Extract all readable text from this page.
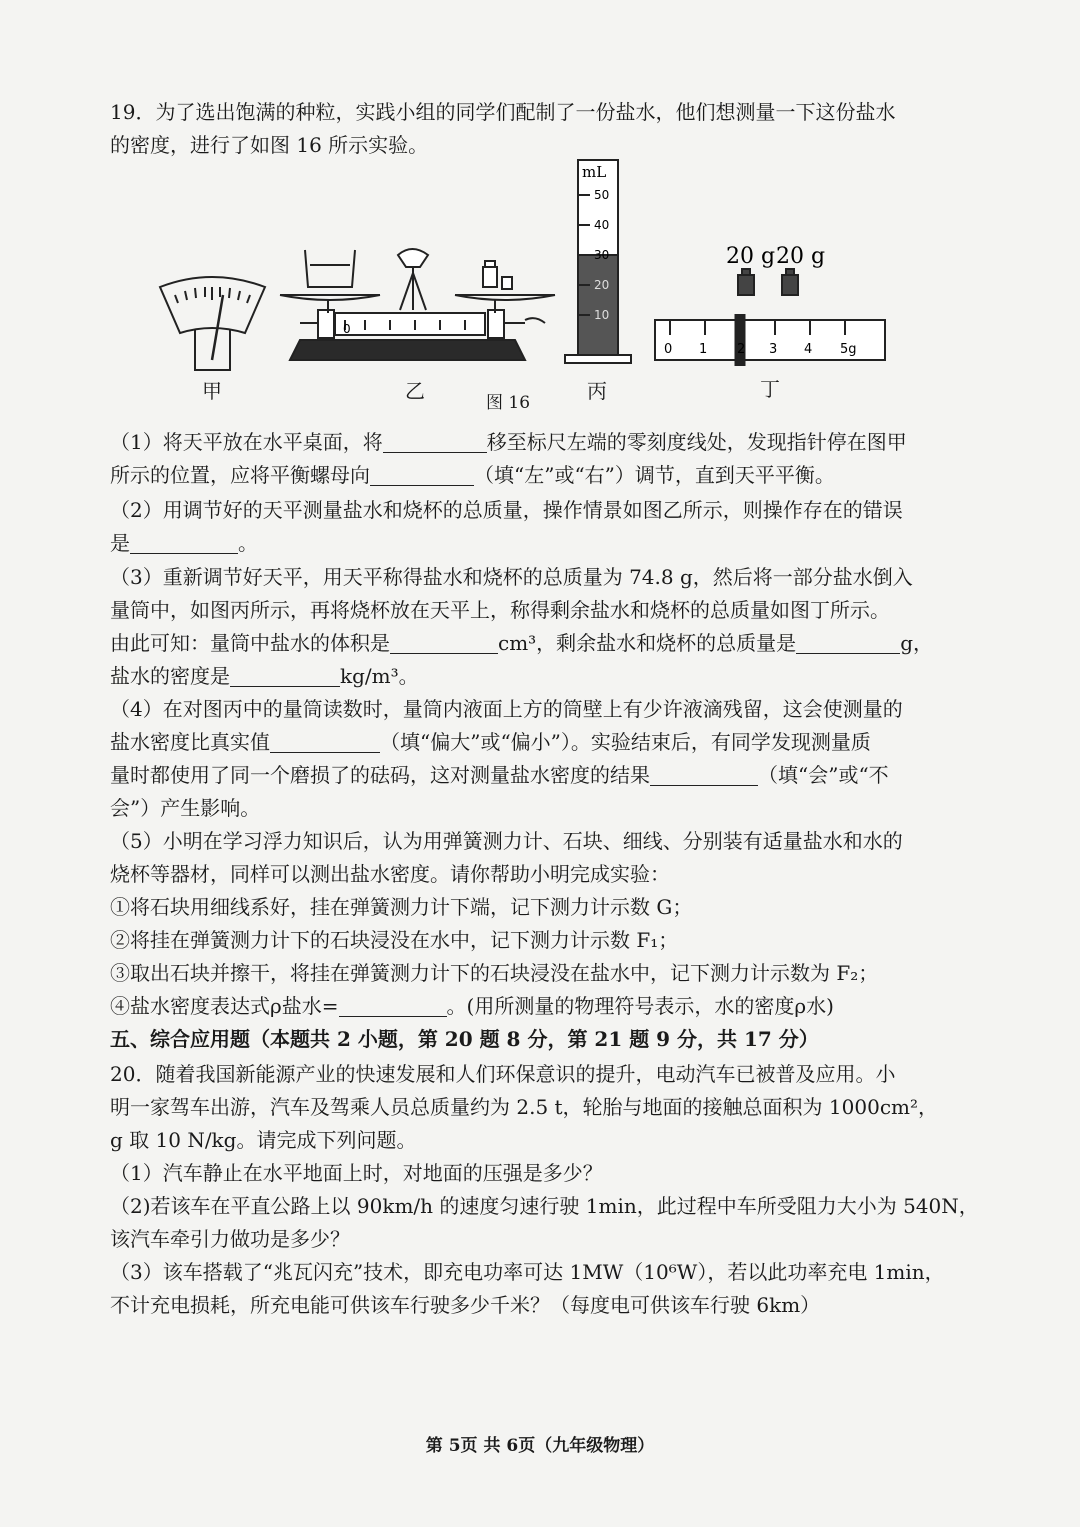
19．为了选出饱满的种粒，实践小组的同学们配制了一份盐水，他们想测量一下这份盐水
的密度，进行了如图 16 所示实验。
0
mL
50
40
30
20
10
20 g 20 g
0 1 2 3 4 5g
甲	乙	图 16	丙	丁
（1）将天平放在水平桌面，将	移至标尺左端的零刻度线处，发现指针停在图甲
所示的位置，应将平衡螺母向	（填“左”或“右”）调节，直到天平平衡。
（2）用调节好的天平测量盐水和烧杯的总质量，操作情景如图乙所示，则操作存在的错误
是	。
（3）重新调节好天平，用天平称得盐水和烧杯的总质量为 74.8 g，然后将一部分盐水倒入
量筒中，如图丙所示，再将烧杯放在天平上，称得剩余盐水和烧杯的总质量如图丁所示。
由此可知：量筒中盐水的体积是	cm³，剩余盐水和烧杯的总质量是	g，
盐水的密度是	kg/m³。
（4）在对图丙中的量筒读数时，量筒内液面上方的筒壁上有少许液滴残留，这会使测量的
盐水密度比真实值	（填“偏大”或“偏小”）。实验结束后，有同学发现测量质
量时都使用了同一个磨损了的砝码，这对测量盐水密度的结果	（填“会”或“不
会”）产生影响。
（5）小明在学习浮力知识后，认为用弹簧测力计、石块、细线、分别装有适量盐水和水的
烧杯等器材，同样可以测出盐水密度。请你帮助小明完成实验：
①将石块用细线系好，挂在弹簧测力计下端，记下测力计示数 G；
②将挂在弹簧测力计下的石块浸没在水中，记下测力计示数 F₁；
③取出石块并擦干，将挂在弹簧测力计下的石块浸没在盐水中，记下测力计示数为 F₂；
④盐水密度表达式ρ盐水=	。(用所测量的物理符号表示，水的密度ρ水)
五、综合应用题（本题共 2 小题，第 20 题 8 分，第 21 题 9 分，共 17 分）
20．随着我国新能源产业的快速发展和人们环保意识的提升，电动汽车已被普及应用。小
明一家驾车出游，汽车及驾乘人员总质量约为 2.5 t，轮胎与地面的接触总面积为 1000cm²，
g 取 10 N/kg。请完成下列问题。
（1）汽车静止在水平地面上时，对地面的压强是多少？
（2)若该车在平直公路上以 90km/h 的速度匀速行驶 1min，此过程中车所受阻力大小为 540N，
该汽车牵引力做功是多少？
（3）该车搭载了“兆瓦闪充”技术，即充电功率可达 1MW（10⁶W），若以此功率充电 1min，
不计充电损耗，所充电能可供该车行驶多少千米？（每度电可供该车行驶 6km）
第 5页 共 6页（九年级物理）
